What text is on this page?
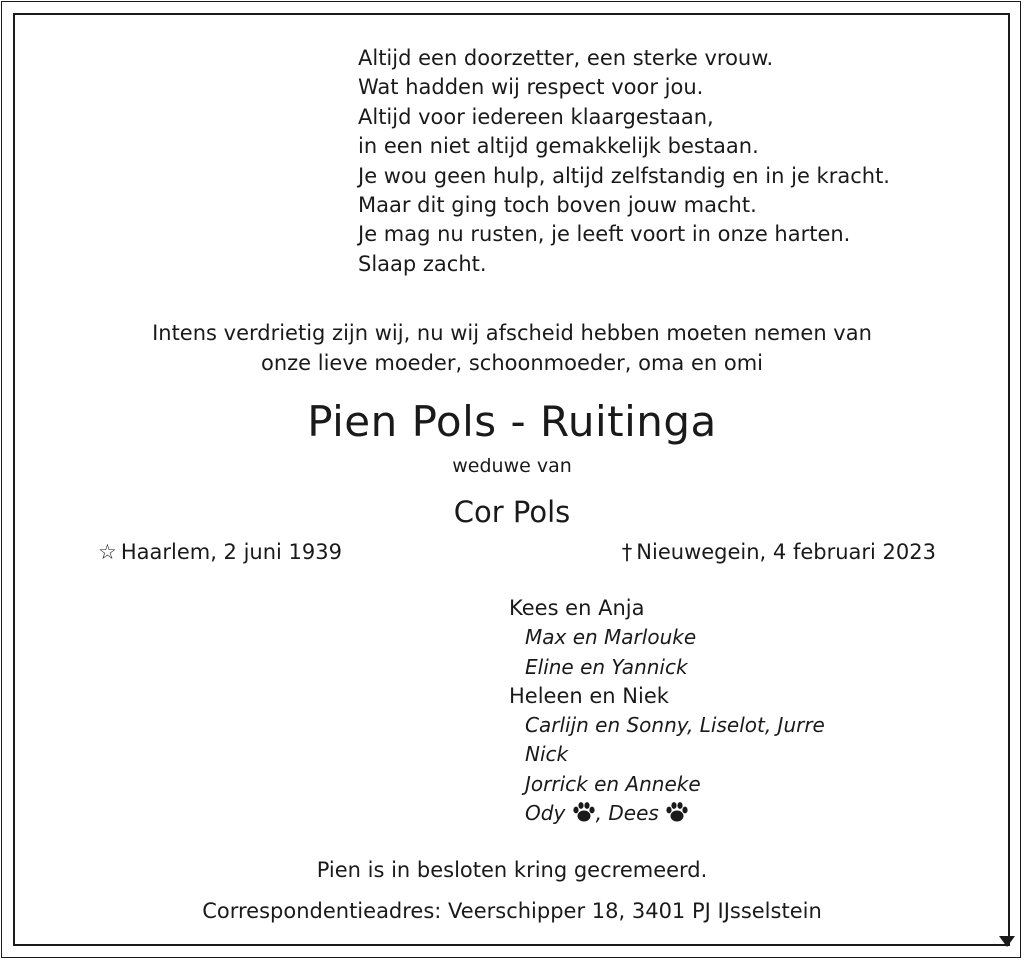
Altijd een doorzetter, een sterke vrouw.
Wat hadden wij respect voor jou.
Altijd voor iedereen klaargestaan,
in een niet altijd gemakkelijk bestaan.
Je wou geen hulp, altijd zelfstandig en in je kracht.
Maar dit ging toch boven jouw macht.
Je mag nu rusten, je leeft voort in onze harten.
Slaap zacht.
Intens verdrietig zijn wij, nu wij afscheid hebben moeten nemen van
onze lieve moeder, schoonmoeder, oma en omi
Pien Pols - Ruitinga
weduwe van
Cor Pols
☆ Haarlem, 2 juni 1939	† Nieuwegein, 4 februari 2023
Kees en Anja
Max en Marlouke
Eline en Yannick
Heleen en Niek
Carlijn en Sonny, Liselot, Jurre
Nick
Jorrick en Anneke
Ody , Dees
Pien is in besloten kring gecremeerd.
Correspondentieadres: Veerschipper 18, 3401 PJ IJsselstein
